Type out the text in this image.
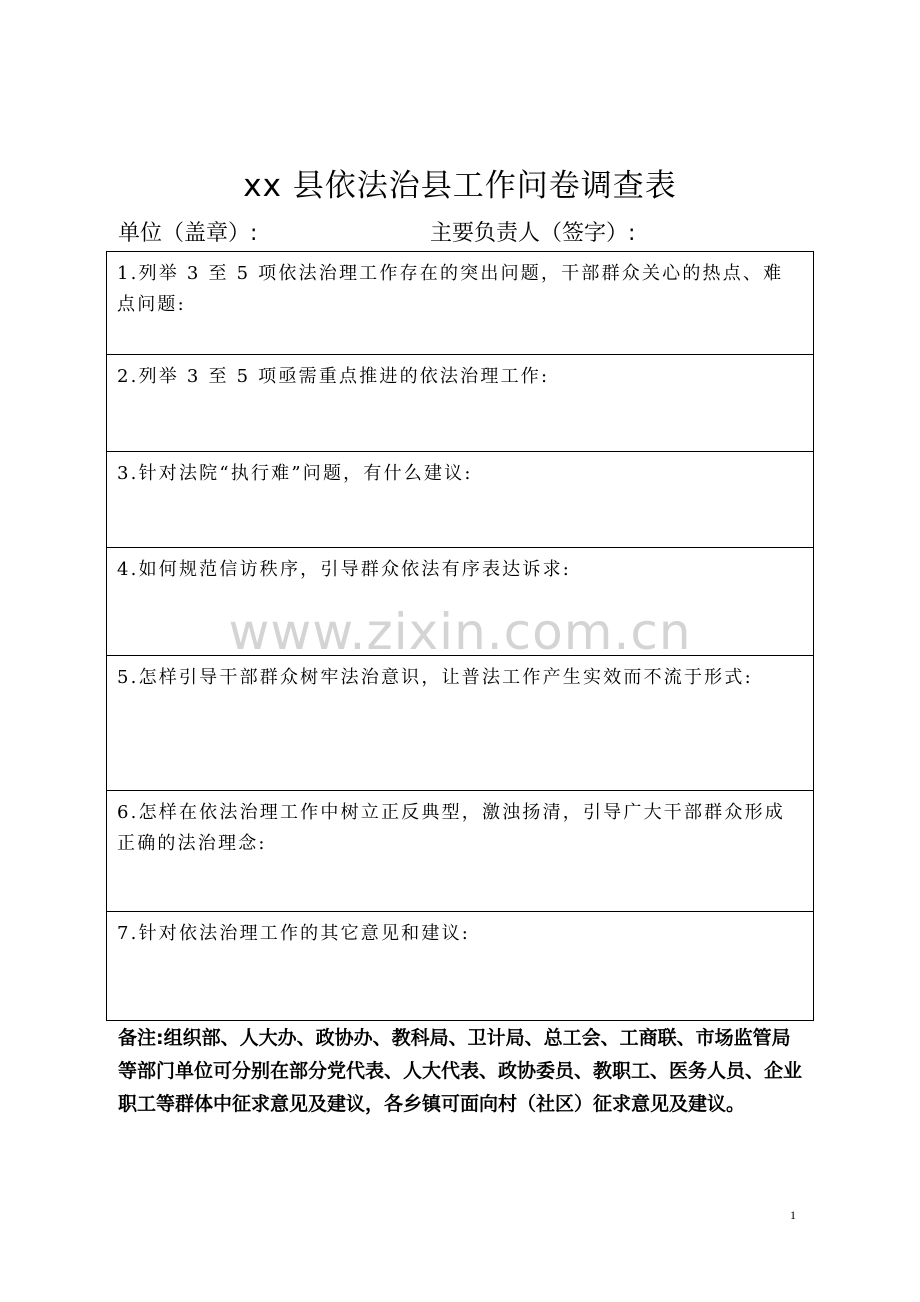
xx 县依法治县工作问卷调查表
单位（盖章）:	主要负责人（签字）:
1.列举 3 至 5 项依法治理工作存在的突出问题，干部群众关心的热点、难点问题:
2.列举 3 至 5 项亟需重点推进的依法治理工作:
3.针对法院“执行难”问题，有什么建议:
4.如何规范信访秩序，引导群众依法有序表达诉求:
5.怎样引导干部群众树牢法治意识，让普法工作产生实效而不流于形式:
6.怎样在依法治理工作中树立正反典型，激浊扬清，引导广大干部群众形成正确的法治理念:
7.针对依法治理工作的其它意见和建议:
www.zixin.com.cn
备注:组织部、人大办、政协办、教科局、卫计局、总工会、工商联、市场监管局等部门单位可分别在部分党代表、人大代表、政协委员、教职工、医务人员、企业职工等群体中征求意见及建议，各乡镇可面向村（社区）征求意见及建议。
1
